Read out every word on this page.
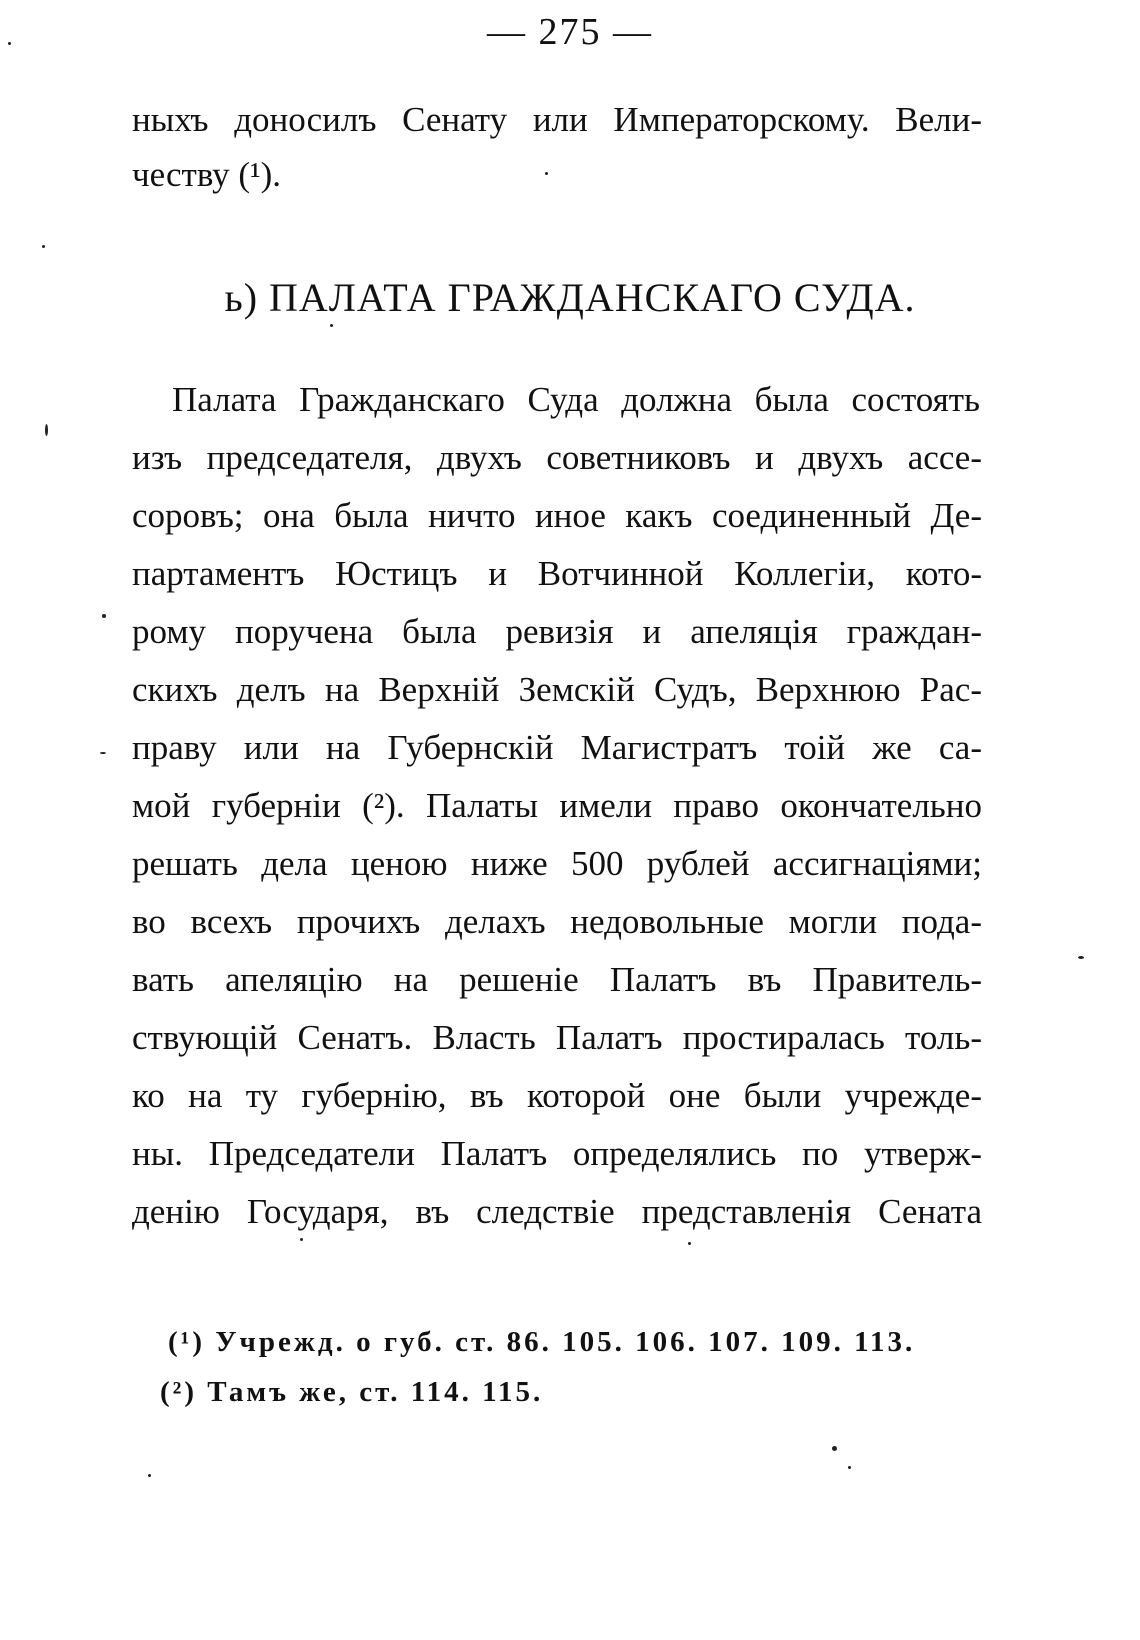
— 275 —
ныхъ доносилъ Сенату или Императорскому. Вели-
честву (¹).
ь) ПАЛАТА ГРАЖДАНСКАГО СУДА.
Палата Гражданскаго Суда должна была состоять
изъ председателя, двухъ советниковъ и двухъ ассе-
соровъ; она была ничто иное какъ соединенный Де-
партаментъ Юстицъ и Вотчинной Коллегiи, кото-
рому поручена была ревизiя и апеляцiя граждан-
скихъ делъ на Верхнiй Земскiй Судъ, Верхнюю Рас-
праву или на Губернскiй Магистратъ тоiй же са-
мой губернiи (²). Палаты имели право окончательно
решать дела ценою ниже 500 рублей ассигнацiями;
во всехъ прочихъ делахъ недовольные могли пода-
вать апеляцiю на решенiе Палатъ въ Правитель-
ствующiй Сенатъ. Власть Палатъ простиралась толь-
ко на ту губернiю, въ которой оне были учрежде-
ны. Председатели Палатъ определялись по утверж-
денiю Государя, въ следствiе представленiя Сената
(¹) Учрежд. о губ. ст. 86. 105. 106. 107. 109. 113.
(²) Тамъ же, ст. 114. 115.
